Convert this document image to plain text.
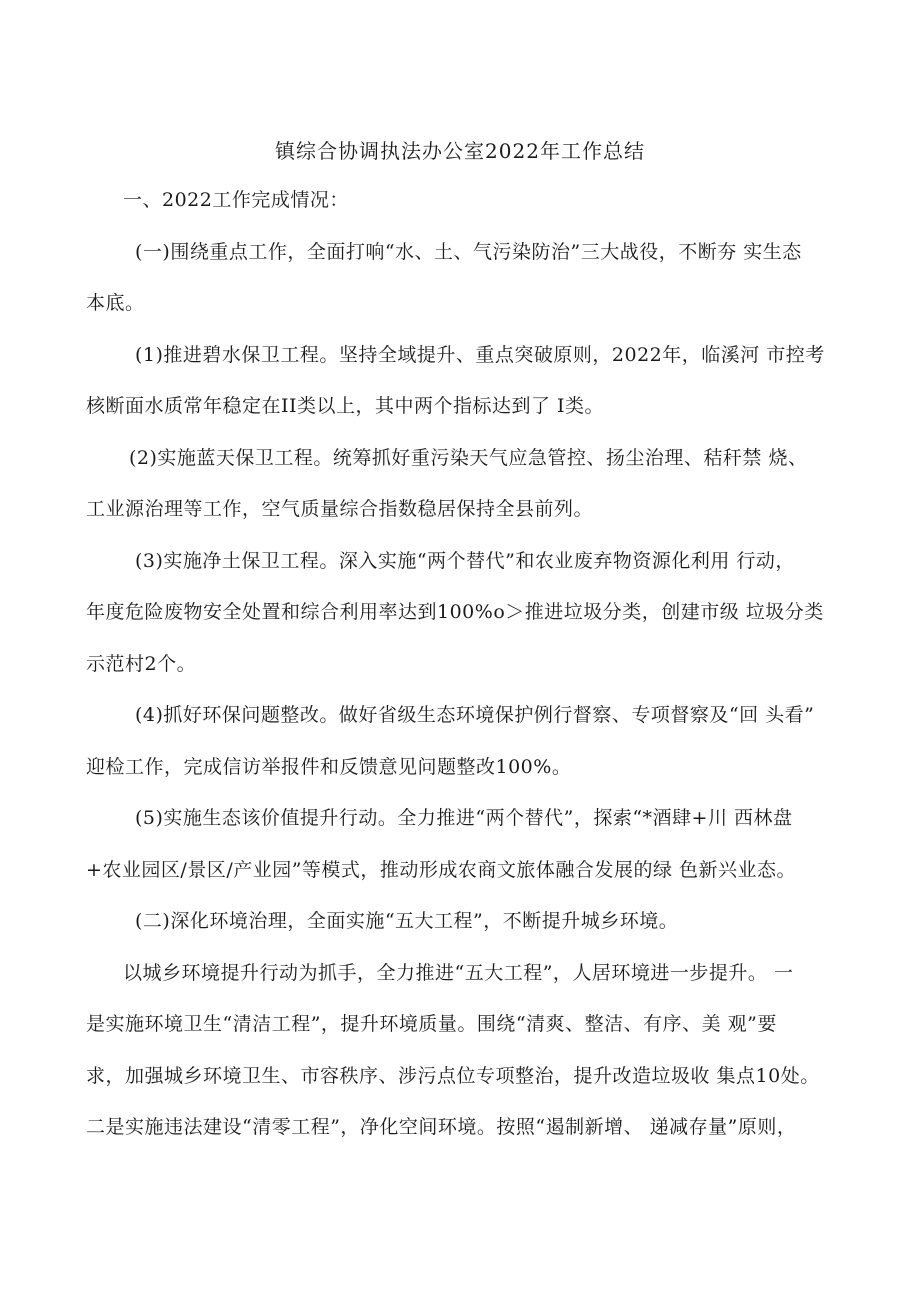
镇综合协调执法办公室2022年工作总结
一、2022工作完成情况：
(一)围绕重点工作，全面打响“水、土、气污染防治”三大战役，不断夯 实生态
本底。
(1)推进碧水保卫工程。坚持全域提升、重点突破原则，2022年，临溪河 市控考
核断面水质常年稳定在II类以上，其中两个指标达到了 I类。
(2)实施蓝天保卫工程。统筹抓好重污染天气应急管控、扬尘治理、秸秆禁 烧、
工业源治理等工作，空气质量综合指数稳居保持全县前列。
(3)实施净土保卫工程。深入实施“两个替代”和农业废弃物资源化利用 行动，
年度危险废物安全处置和综合利用率达到100%o＞推进垃圾分类，创建市级 垃圾分类
示范村2个。
(4)抓好环保问题整改。做好省级生态环境保护例行督察、专项督察及“回 头看”
迎检工作，完成信访举报件和反馈意见问题整改100%。
(5)实施生态该价值提升行动。全力推进“两个替代”，探索“*酒肆+川 西林盘
+农业园区/景区/产业园”等模式，推动形成农商文旅体融合发展的绿 色新兴业态。
(二)深化环境治理，全面实施“五大工程”，不断提升城乡环境。
以城乡环境提升行动为抓手，全力推进“五大工程”，人居环境进一步提升。 一
是实施环境卫生“清洁工程”，提升环境质量。围绕“清爽、整洁、有序、美 观”要
求，加强城乡环境卫生、市容秩序、涉污点位专项整治，提升改造垃圾收 集点10处。
二是实施违法建设“清零工程”，净化空间环境。按照“遏制新增、 递减存量”原则，
